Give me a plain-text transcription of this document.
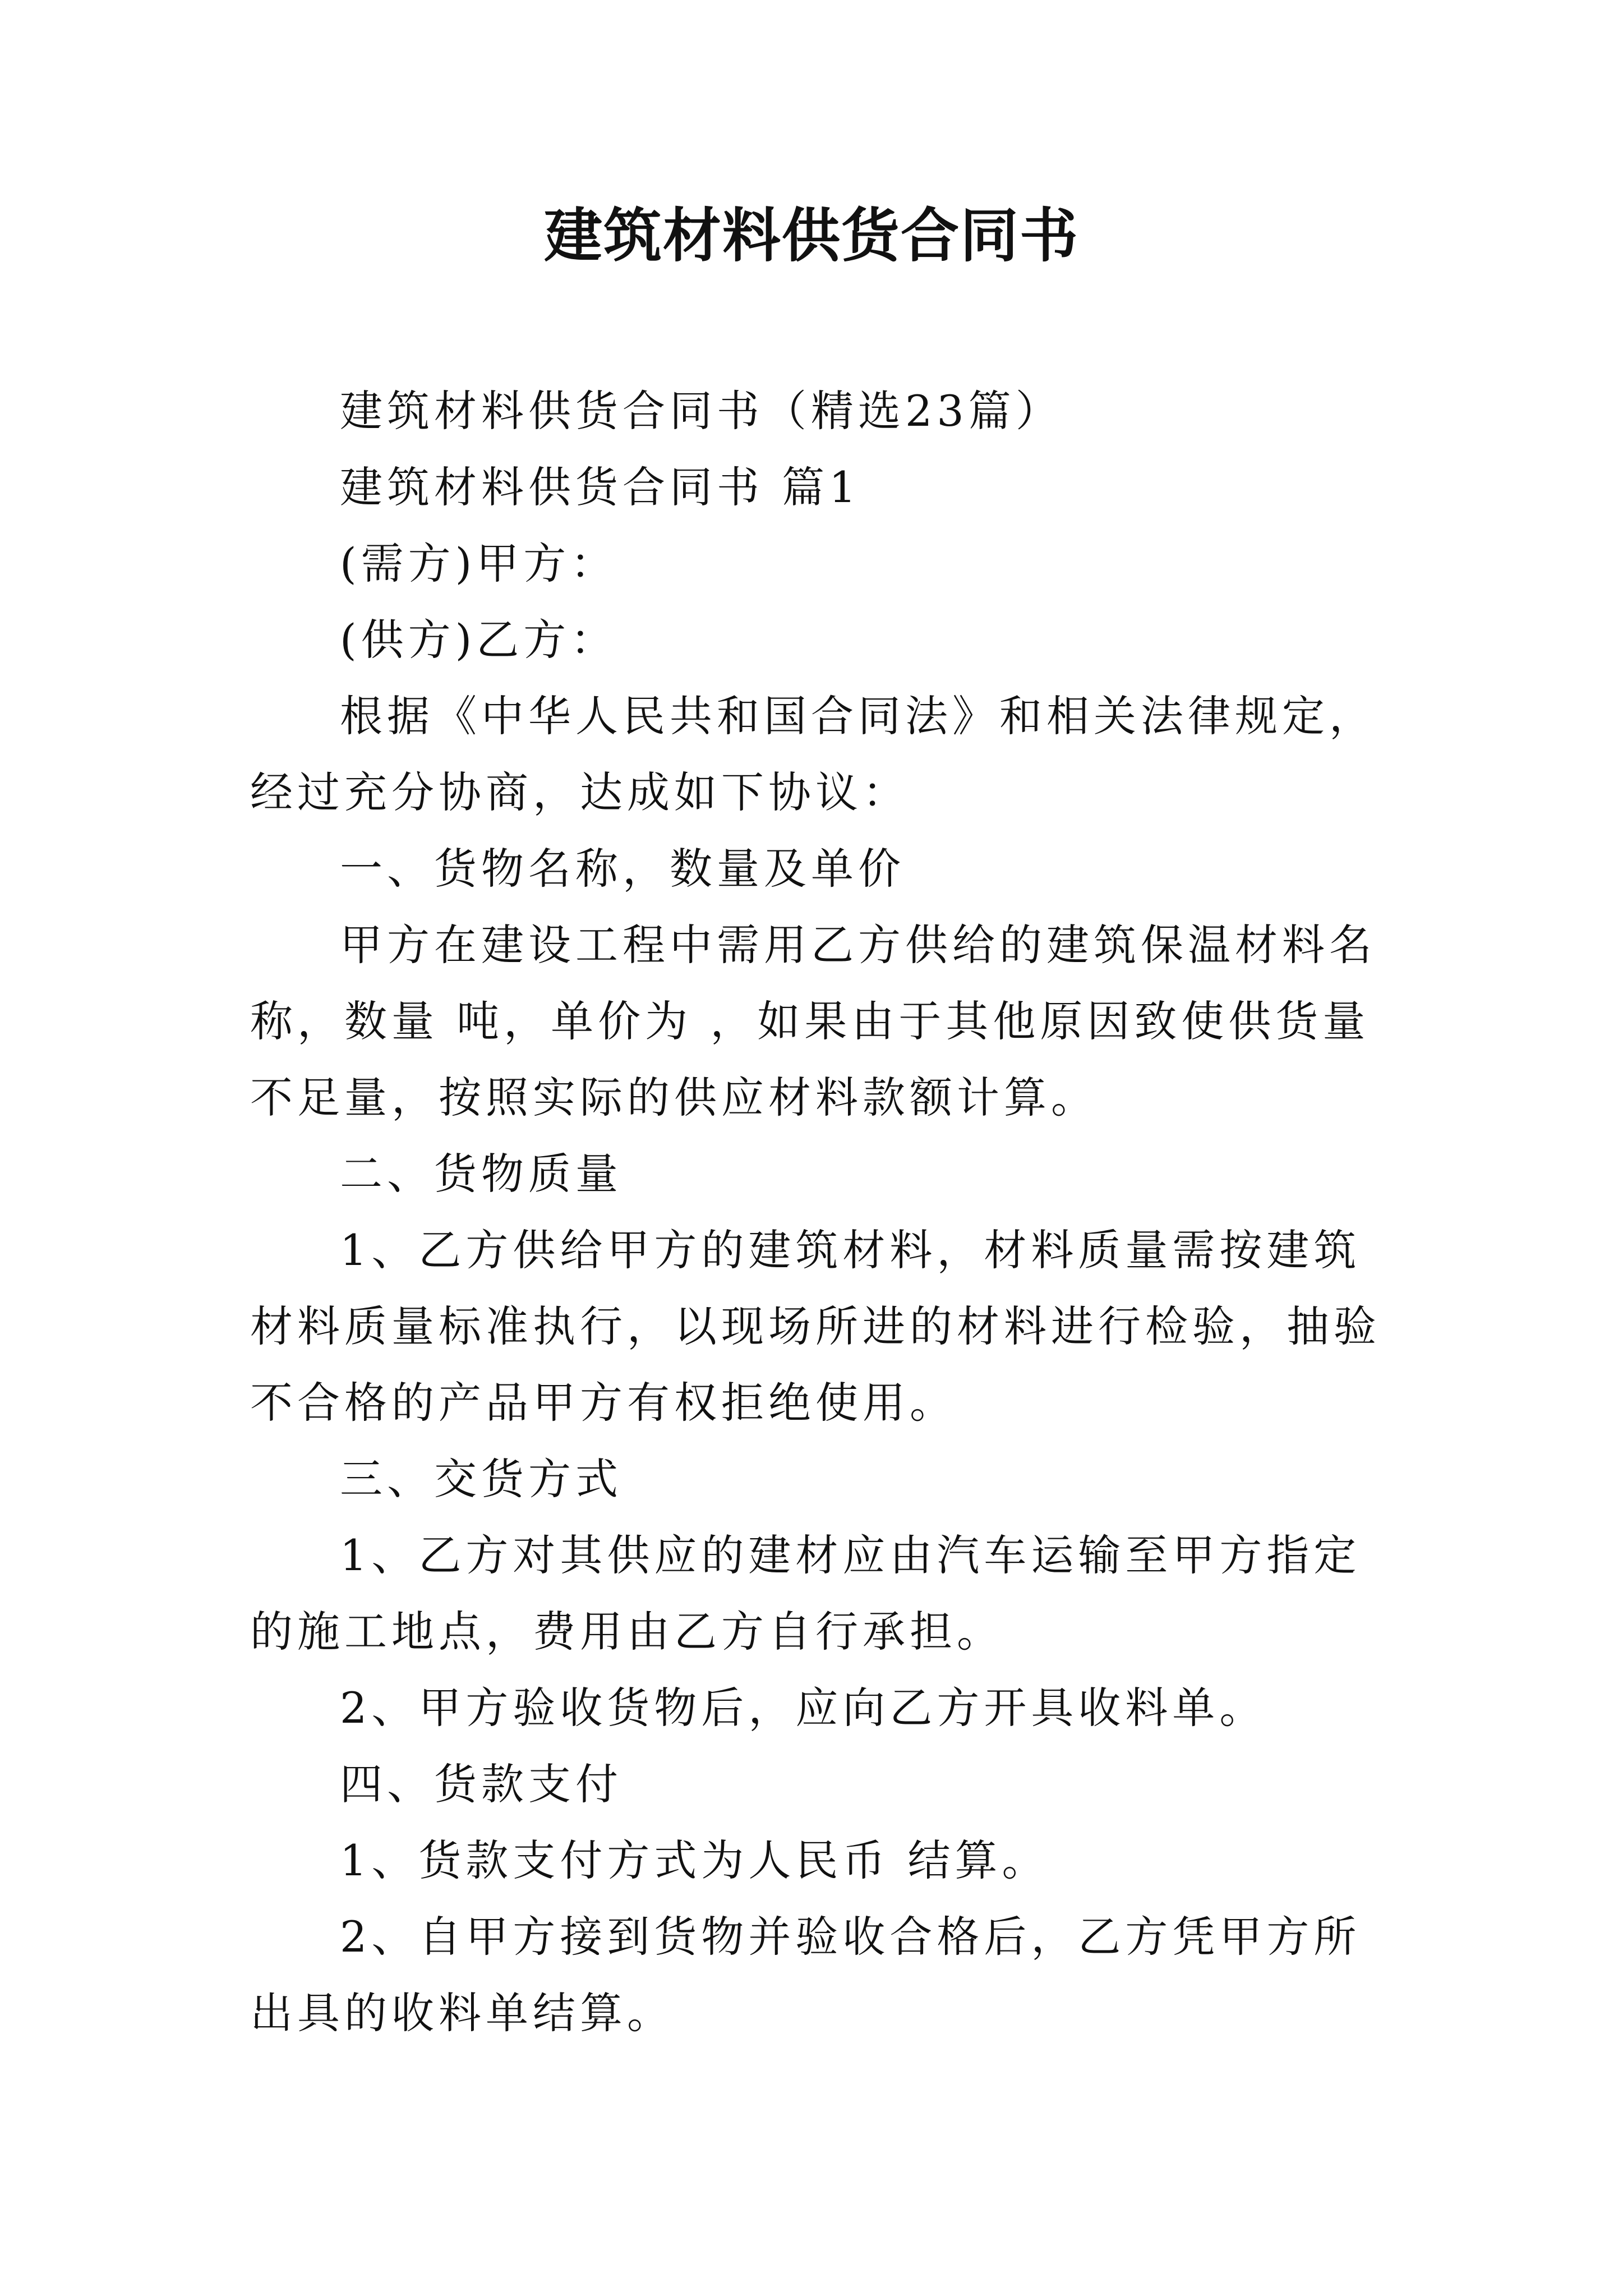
建筑材料供货合同书

建筑材料供货合同书（精选23篇）

建筑材料供货合同书 篇1

(需方)甲方：

(供方)乙方：

根据《中华人民共和国合同法》和相关法律规定，经过充分协商，达成如下协议：

一、货物名称，数量及单价

甲方在建设工程中需用乙方供给的建筑保温材料名称，数量 吨，单价为 ，如果由于其他原因致使供货量不足量，按照实际的供应材料款额计算。

二、货物质量

1、乙方供给甲方的建筑材料，材料质量需按建筑材料质量标准执行，以现场所进的材料进行检验，抽验不合格的产品甲方有权拒绝使用。

三、交货方式

1、乙方对其供应的建材应由汽车运输至甲方指定的施工地点，费用由乙方自行承担。

2、甲方验收货物后，应向乙方开具收料单。

四、货款支付

1、货款支付方式为人民币 结算。

2、自甲方接到货物并验收合格后，乙方凭甲方所出具的收料单结算。
